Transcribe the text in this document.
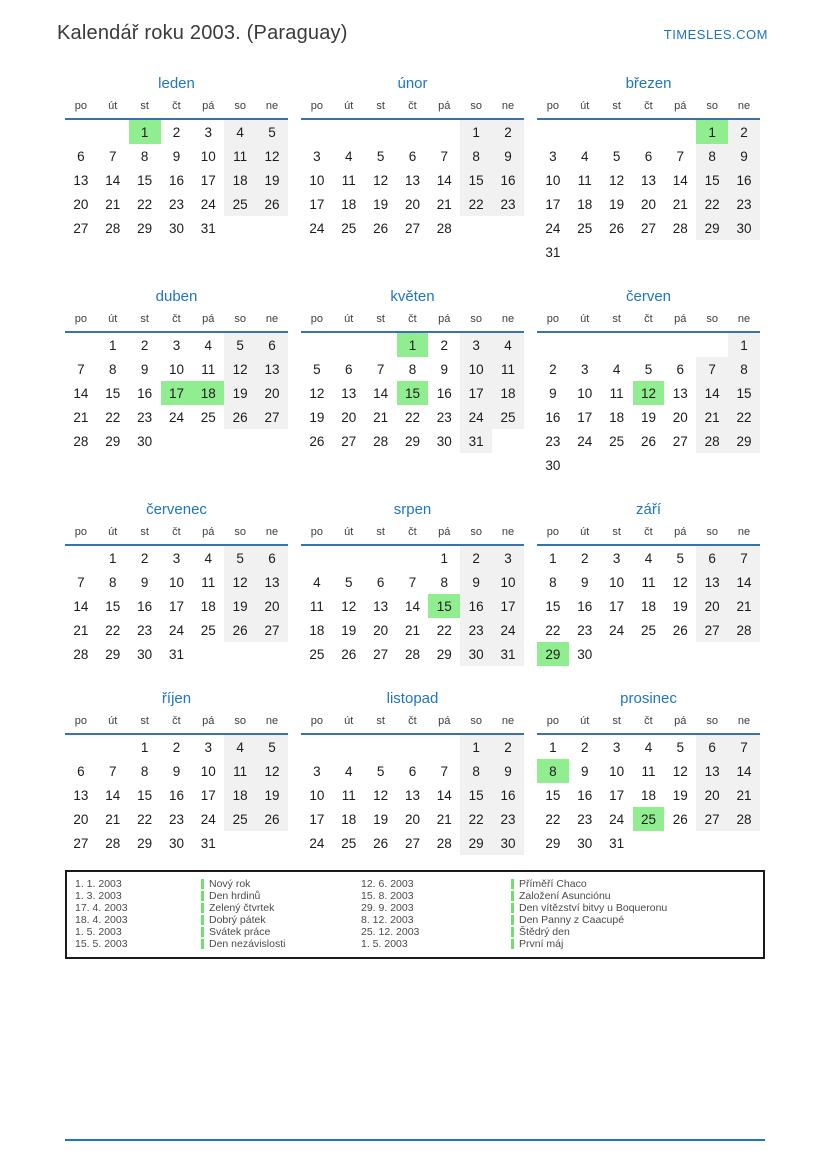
Kalendář roku 2003. (Paraguay)	TIMESLES.COM
leden
po	út	st	čt	pá	so	ne
		1	2	3	4	5
6	7	8	9	10	11	12
13	14	15	16	17	18	19
20	21	22	23	24	25	26
27	28	29	30	31		
únor
po	út	st	čt	pá	so	ne
					1	2
3	4	5	6	7	8	9
10	11	12	13	14	15	16
17	18	19	20	21	22	23
24	25	26	27	28		
březen
po	út	st	čt	pá	so	ne
					1	2
3	4	5	6	7	8	9
10	11	12	13	14	15	16
17	18	19	20	21	22	23
24	25	26	27	28	29	30
31						
duben
po	út	st	čt	pá	so	ne
	1	2	3	4	5	6
7	8	9	10	11	12	13
14	15	16	17	18	19	20
21	22	23	24	25	26	27
28	29	30				
květen
po	út	st	čt	pá	so	ne
			1	2	3	4
5	6	7	8	9	10	11
12	13	14	15	16	17	18
19	20	21	22	23	24	25
26	27	28	29	30	31	
červen
po	út	st	čt	pá	so	ne
						1
2	3	4	5	6	7	8
9	10	11	12	13	14	15
16	17	18	19	20	21	22
23	24	25	26	27	28	29
30						
červenec
po	út	st	čt	pá	so	ne
	1	2	3	4	5	6
7	8	9	10	11	12	13
14	15	16	17	18	19	20
21	22	23	24	25	26	27
28	29	30	31			
srpen
po	út	st	čt	pá	so	ne
				1	2	3
4	5	6	7	8	9	10
11	12	13	14	15	16	17
18	19	20	21	22	23	24
25	26	27	28	29	30	31
září
po	út	st	čt	pá	so	ne
1	2	3	4	5	6	7
8	9	10	11	12	13	14
15	16	17	18	19	20	21
22	23	24	25	26	27	28
29	30					
říjen
po	út	st	čt	pá	so	ne
		1	2	3	4	5
6	7	8	9	10	11	12
13	14	15	16	17	18	19
20	21	22	23	24	25	26
27	28	29	30	31		
listopad
po	út	st	čt	pá	so	ne
					1	2
3	4	5	6	7	8	9
10	11	12	13	14	15	16
17	18	19	20	21	22	23
24	25	26	27	28	29	30
prosinec
po	út	st	čt	pá	so	ne
1	2	3	4	5	6	7
8	9	10	11	12	13	14
15	16	17	18	19	20	21
22	23	24	25	26	27	28
29	30	31				
1. 1. 2003	Nový rok	12. 6. 2003	Příměří Chaco
1. 3. 2003	Den hrdinů	15. 8. 2003	Založení Asunciónu
17. 4. 2003	Zelený čtvrtek	29. 9. 2003	Den vítězství bitvy u Boqueronu
18. 4. 2003	Dobrý pátek	8. 12. 2003	Den Panny z Caacupé
1. 5. 2003	Svátek práce	25. 12. 2003	Štědrý den
15. 5. 2003	Den nezávislosti	1. 5. 2003	První máj
